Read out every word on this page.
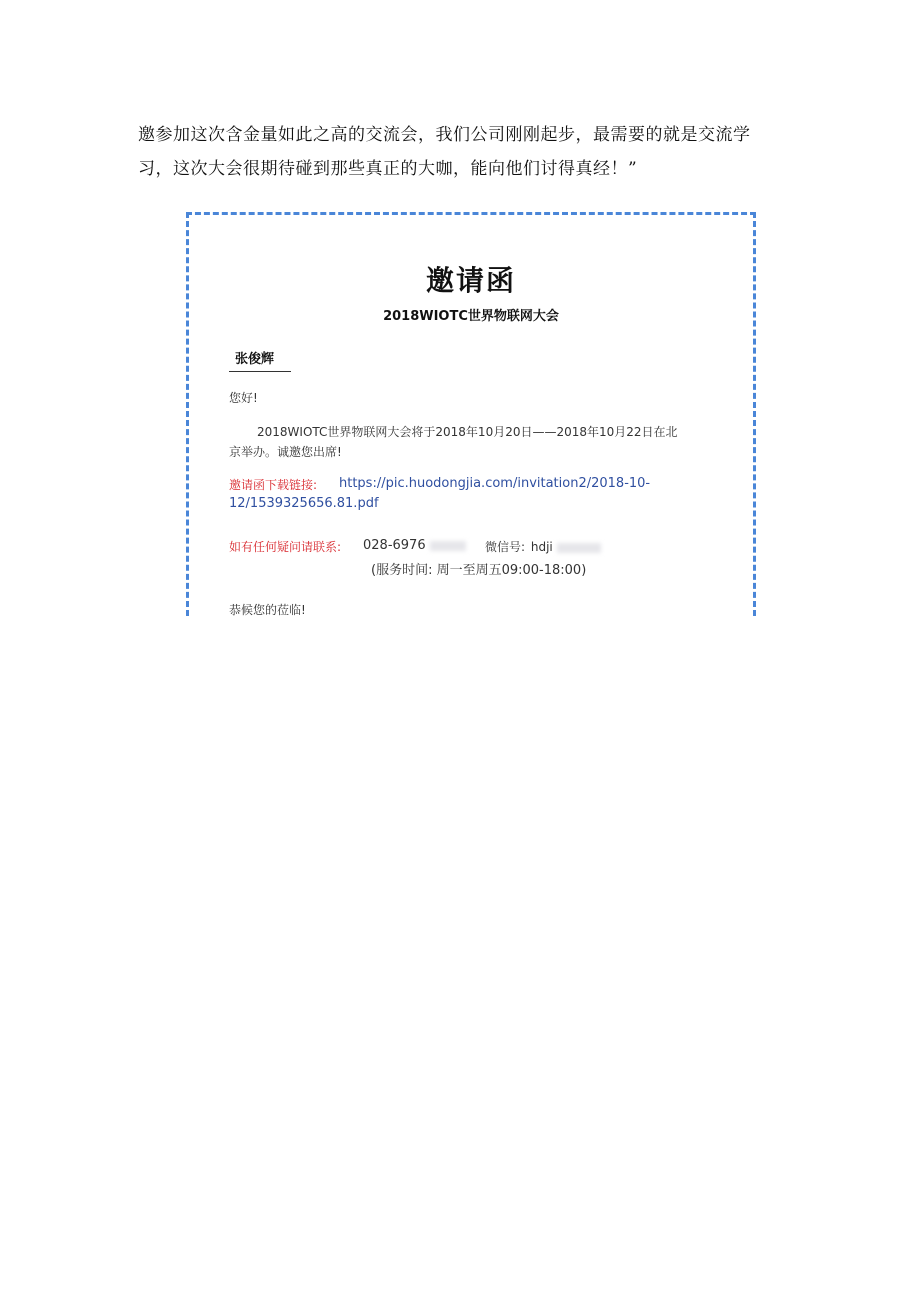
邀参加这次含金量如此之高的交流会，我们公司刚刚起步，最需要的就是交流学
习，这次大会很期待碰到那些真正的大咖，能向他们讨得真经！”
邀请函
2018WIOTC世界物联网大会
张俊辉
您好!
2018WIOTC世界物联网大会将于2018年10月20日——2018年10月22日在北
京举办。诚邀您出席!
邀请函下载链接: https://pic.huodongjia.com/invitation2/2018-10-
12/1539325656.81.pdf
如有任何疑问请联系: 028-6976	微信号: hdji
(服务时间: 周一至周五09:00-18:00)
恭候您的莅临!
